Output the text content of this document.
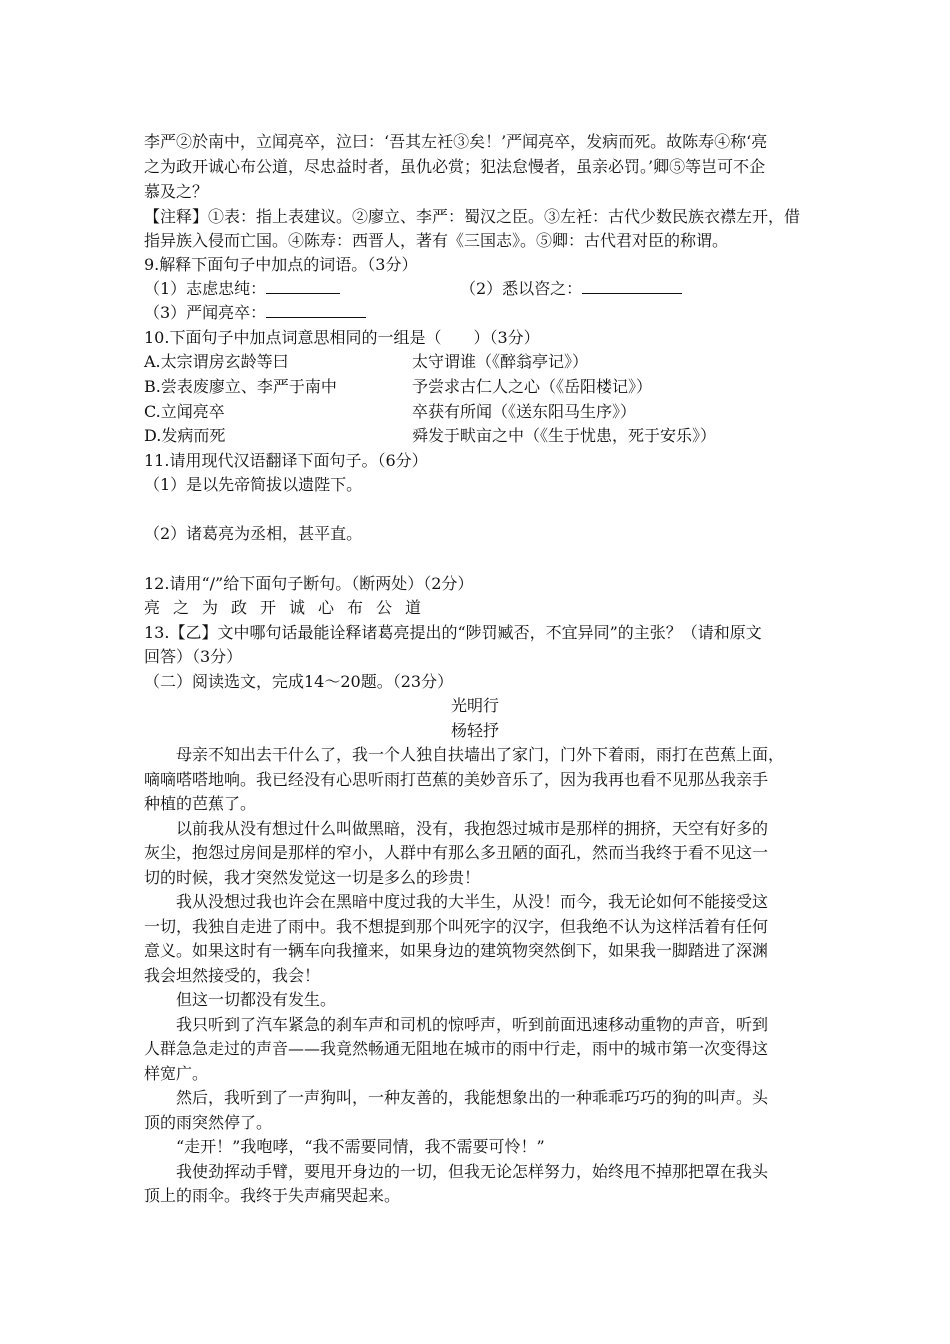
李严②於南中，立闻亮卒，泣曰：‘吾其左衽③矣！’严闻亮卒，发病而死。故陈寿④称‘亮
之为政开诚心布公道，尽忠益时者，虽仇必赏；犯法怠慢者，虽亲必罚。’卿⑤等岂可不企
慕及之？
【注释】①表：指上表建议。②廖立、李严：蜀汉之臣。③左衽：古代少数民族衣襟左开，借
指异族入侵而亡国。④陈寿：西晋人，著有《三国志》。⑤卿：古代君对臣的称谓。
9.解释下面句子中加点的词语。（3分）
（1）志虑忠纯：	（2）悉以咨之：
（3）严闻亮卒：
10.下面句子中加点词意思相同的一组是（　　）（3分）
A.太宗谓房玄龄等曰	太守谓谁（《醉翁亭记》）
B.尝表废廖立、李严于南中	予尝求古仁人之心（《岳阳楼记》）
C.立闻亮卒	卒获有所闻（《送东阳马生序》）
D.发病而死	舜发于畎亩之中（《生于忧患，死于安乐》）
11.请用现代汉语翻译下面句子。（6分）
（1）是以先帝简拔以遗陛下。
（2）诸葛亮为丞相，甚平直。
12.请用“/”给下面句子断句。（断两处）（2分）
亮之为政开诚心布公道
13.【乙】文中哪句话最能诠释诸葛亮提出的“陟罚臧否，不宜异同”的主张？（请和原文
回答）（3分）
（二）阅读选文，完成14～20题。（23分）
光明行
杨轻抒
母亲不知出去干什么了，我一个人独自扶墙出了家门，门外下着雨，雨打在芭蕉上面，
嘀嘀嗒嗒地响。我已经没有心思听雨打芭蕉的美妙音乐了，因为我再也看不见那丛我亲手
种植的芭蕉了。
以前我从没有想过什么叫做黑暗，没有，我抱怨过城市是那样的拥挤，天空有好多的
灰尘，抱怨过房间是那样的窄小，人群中有那么多丑陋的面孔，然而当我终于看不见这一
切的时候，我才突然发觉这一切是多么的珍贵！
我从没想过我也许会在黑暗中度过我的大半生，从没！而今，我无论如何不能接受这
一切，我独自走进了雨中。我不想提到那个叫死字的汉字，但我绝不认为这样活着有任何
意义。如果这时有一辆车向我撞来，如果身边的建筑物突然倒下，如果我一脚踏进了深渊
我会坦然接受的，我会！
但这一切都没有发生。
我只听到了汽车紧急的刹车声和司机的惊呼声，听到前面迅速移动重物的声音，听到
人群急急走过的声音——我竟然畅通无阻地在城市的雨中行走，雨中的城市第一次变得这
样宽广。
然后，我听到了一声狗叫，一种友善的，我能想象出的一种乖乖巧巧的狗的叫声。头
顶的雨突然停了。
“走开！”我咆哮，“我不需要同情，我不需要可怜！”
我使劲挥动手臂，要甩开身边的一切，但我无论怎样努力，始终甩不掉那把罩在我头
顶上的雨伞。我终于失声痛哭起来。
